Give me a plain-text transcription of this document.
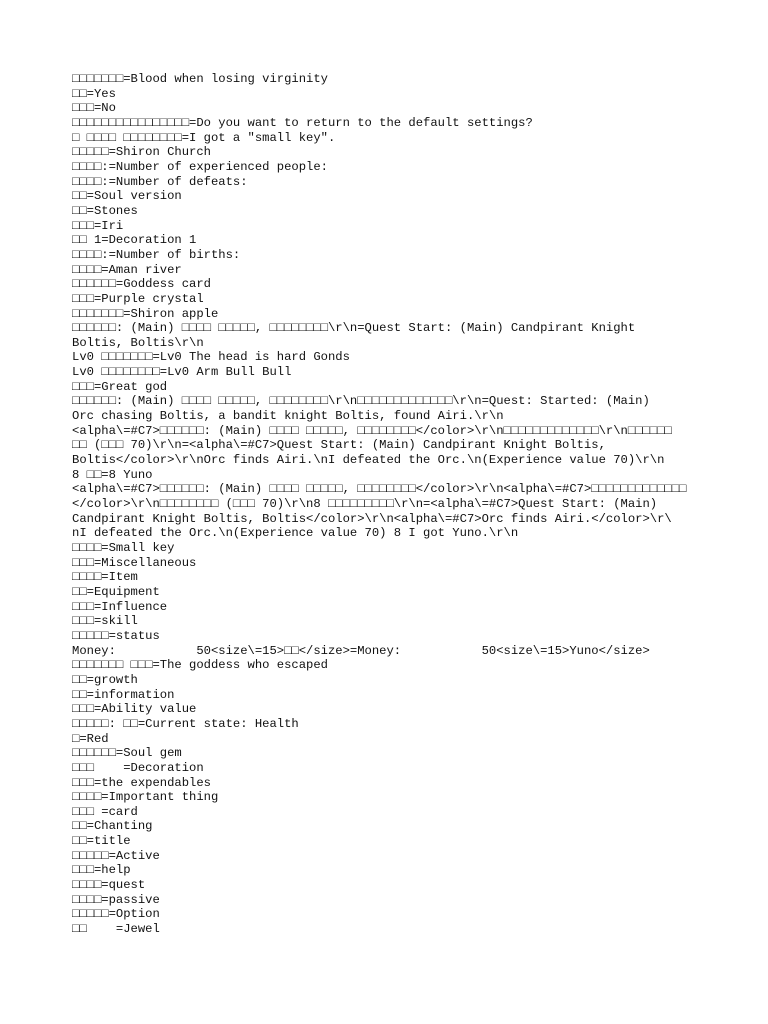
□□□□□□□=Blood when losing virginity
□□=Yes
□□□=No
□□□□□□□□□□□□□□□□=Do you want to return to the default settings?
□ □□□□ □□□□□□□□=I got a "small key".
□□□□□=Shiron Church
□□□□:=Number of experienced people:
□□□□:=Number of defeats:
□□=Soul version
□□=Stones
□□□=Iri
□□ 1=Decoration 1
□□□□:=Number of births:
□□□□=Aman river
□□□□□□=Goddess card
□□□=Purple crystal
□□□□□□□=Shiron apple
□□□□□□: (Main) □□□□ □□□□□, □□□□□□□□\r\n=Quest Start: (Main) Candpirant Knight
Boltis, Boltis\r\n
Lv0 □□□□□□□=Lv0 The head is hard Gonds
Lv0 □□□□□□□□=Lv0 Arm Bull Bull
□□□=Great god
□□□□□□: (Main) □□□□ □□□□□, □□□□□□□□\r\n□□□□□□□□□□□□□\r\n=Quest: Started: (Main)
Orc chasing Boltis, a bandit knight Boltis, found Airi.\r\n
<alpha\=#C7>□□□□□□: (Main) □□□□ □□□□□, □□□□□□□□</color>\r\n□□□□□□□□□□□□□\r\n□□□□□□
□□ (□□□ 70)\r\n=<alpha\=#C7>Quest Start: (Main) Candpirant Knight Boltis,
Boltis</color>\r\nOrc finds Airi.\nI defeated the Orc.\n(Experience value 70)\r\n
8 □□=8 Yuno
<alpha\=#C7>□□□□□□: (Main) □□□□ □□□□□, □□□□□□□□</color>\r\n<alpha\=#C7>□□□□□□□□□□□□□
</color>\r\n□□□□□□□□ (□□□ 70)\r\n8 □□□□□□□□□\r\n=<alpha\=#C7>Quest Start: (Main)
Candpirant Knight Boltis, Boltis</color>\r\n<alpha\=#C7>Orc finds Airi.</color>\r\
nI defeated the Orc.\n(Experience value 70) 8 I got Yuno.\r\n
□□□□=Small key
□□□=Miscellaneous
□□□□=Item
□□=Equipment
□□□=Influence
□□□=skill
□□□□□=status
Money:           50<size\=15>□□</size>=Money:           50<size\=15>Yuno</size>
□□□□□□□ □□□=The goddess who escaped
□□=growth
□□=information
□□□=Ability value
□□□□□: □□=Current state: Health
□=Red
□□□□□□=Soul gem
□□□    =Decoration
□□□=the expendables
□□□□=Important thing
□□□ =card
□□=Chanting
□□=title
□□□□□=Active
□□□=help
□□□□=quest
□□□□=passive
□□□□□=Option
□□    =Jewel
